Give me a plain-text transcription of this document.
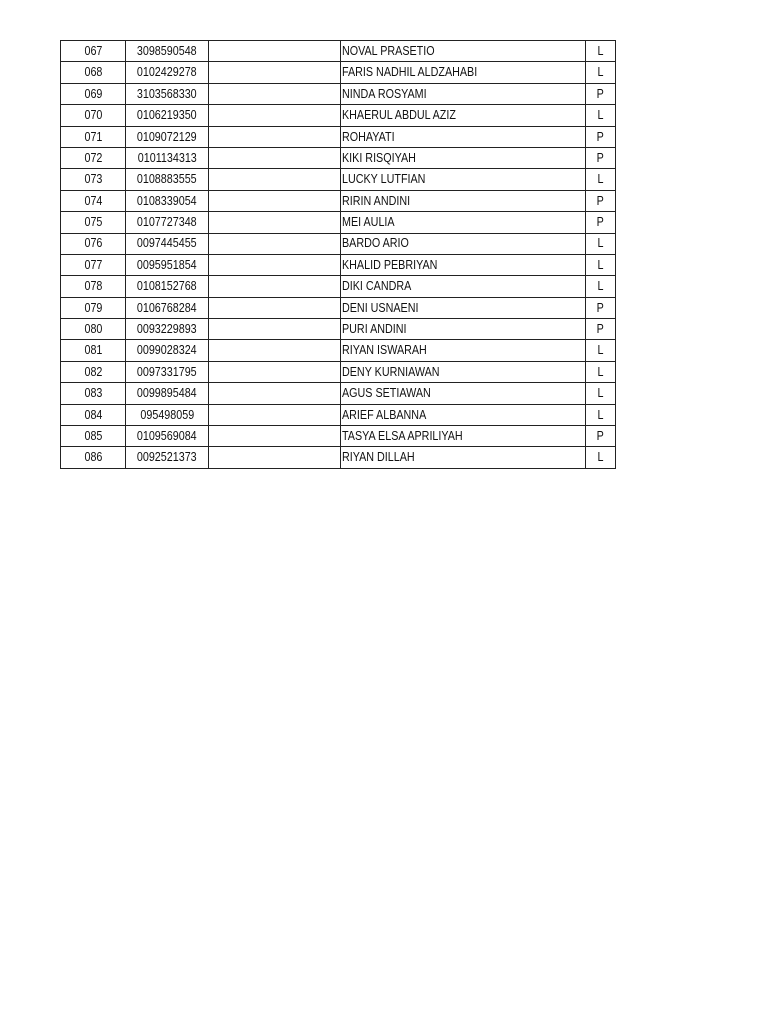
067	3098590548		NOVAL PRASETIO	L
068	0102429278		FARIS NADHIL ALDZAHABI	L
069	3103568330		NINDA ROSYAMI	P
070	0106219350		KHAERUL ABDUL AZIZ	L
071	0109072129		ROHAYATI	P
072	0101134313		KIKI RISQIYAH	P
073	0108883555		LUCKY LUTFIAN	L
074	0108339054		RIRIN ANDINI	P
075	0107727348		MEI AULIA	P
076	0097445455		BARDO ARIO	L
077	0095951854		KHALID PEBRIYAN	L
078	0108152768		DIKI CANDRA	L
079	0106768284		DENI USNAENI	P
080	0093229893		PURI ANDINI	P
081	0099028324		RIYAN ISWARAH	L
082	0097331795		DENY KURNIAWAN	L
083	0099895484		AGUS SETIAWAN	L
084	095498059		ARIEF ALBANNA	L
085	0109569084		TASYA ELSA APRILIYAH	P
086	0092521373		RIYAN DILLAH	L
